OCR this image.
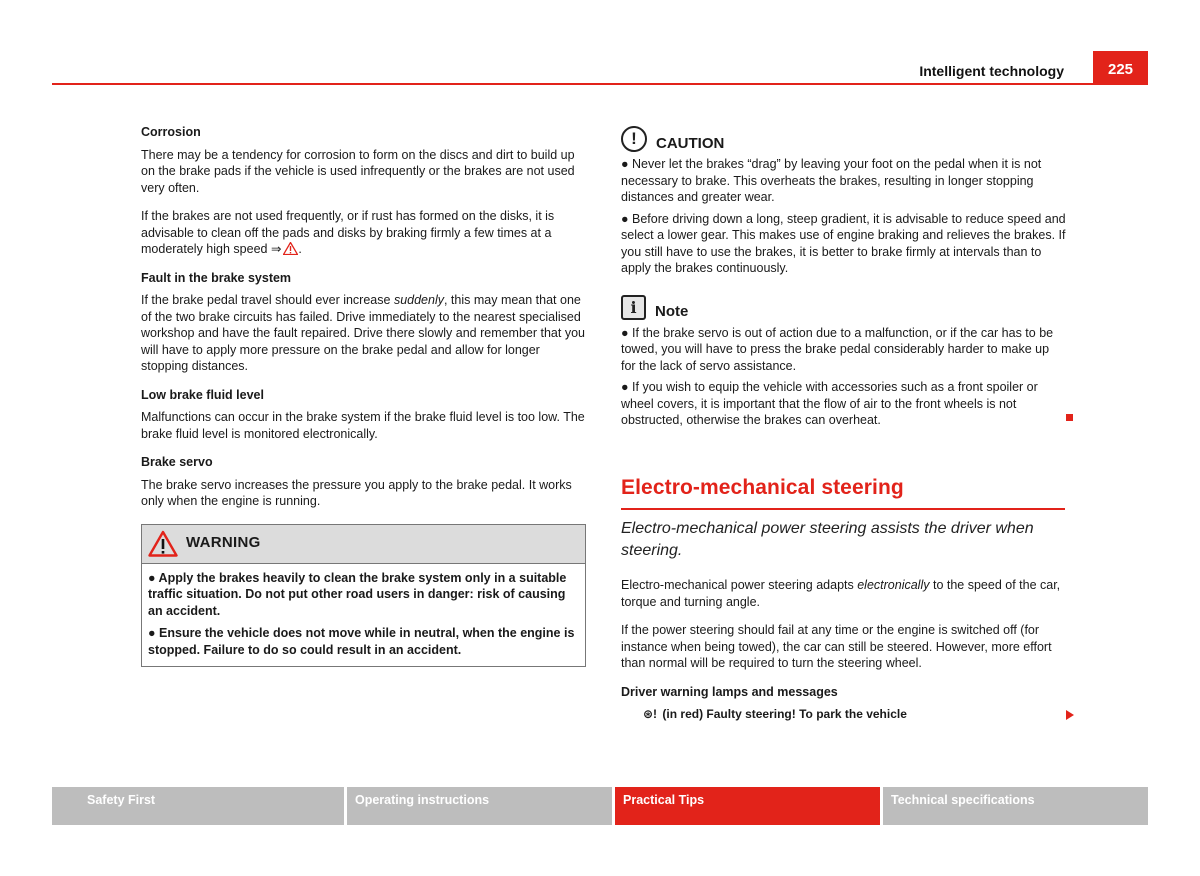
Intelligent technology	225
Corrosion

There may be a tendency for corrosion to form on the discs and dirt to build up on the brake pads if the vehicle is used infrequently or the brakes are not used very often.

If the brakes are not used frequently, or if rust has formed on the disks, it is advisable to clean off the pads and disks by braking firmly a few times at a moderately high speed ⇒ .

Fault in the brake system

If the brake pedal travel should ever increase suddenly, this may mean that one of the two brake circuits has failed. Drive immediately to the nearest specialised workshop and have the fault repaired. Drive there slowly and remember that you will have to apply more pressure on the brake pedal and allow for longer stopping distances.

Low brake fluid level

Malfunctions can occur in the brake system if the brake fluid level is too low. The brake fluid level is monitored electronically.

Brake servo

The brake servo increases the pressure you apply to the brake pedal. It works only when the engine is running.

WARNING

● Apply the brakes heavily to clean the brake system only in a suitable traffic situation. Do not put other road users in danger: risk of causing an accident.

● Ensure the vehicle does not move while in neutral, when the engine is stopped. Failure to do so could result in an accident.

!	CAUTION

● Never let the brakes “drag” by leaving your foot on the pedal when it is not necessary to brake. This overheats the brakes, resulting in longer stopping distances and greater wear.

● Before driving down a long, steep gradient, it is advisable to reduce speed and select a lower gear. This makes use of engine braking and relieves the brakes. If you still have to use the brakes, it is better to brake firmly at intervals than to apply the brakes continuously.

i	Note

● If the brake servo is out of action due to a malfunction, or if the car has to be towed, you will have to press the brake pedal considerably harder to make up for the lack of servo assistance.

● If you wish to equip the vehicle with accessories such as a front spoiler or wheel covers, it is important that the flow of air to the front wheels is not obstructed, otherwise the brakes can overheat.

Electro-mechanical steering
Electro-mechanical power steering assists the driver when steering.

Electro-mechanical power steering adapts electronically to the speed of the car, torque and turning angle.

If the power steering should fail at any time or the engine is switched off (for instance when being towed), the car can still be steered. However, more effort than normal will be required to turn the steering wheel.

Driver warning lamps and messages
⊛! (in red) Faulty steering! To park the vehicle
Safety First	Operating instructions	Practical Tips	Technical specifications
